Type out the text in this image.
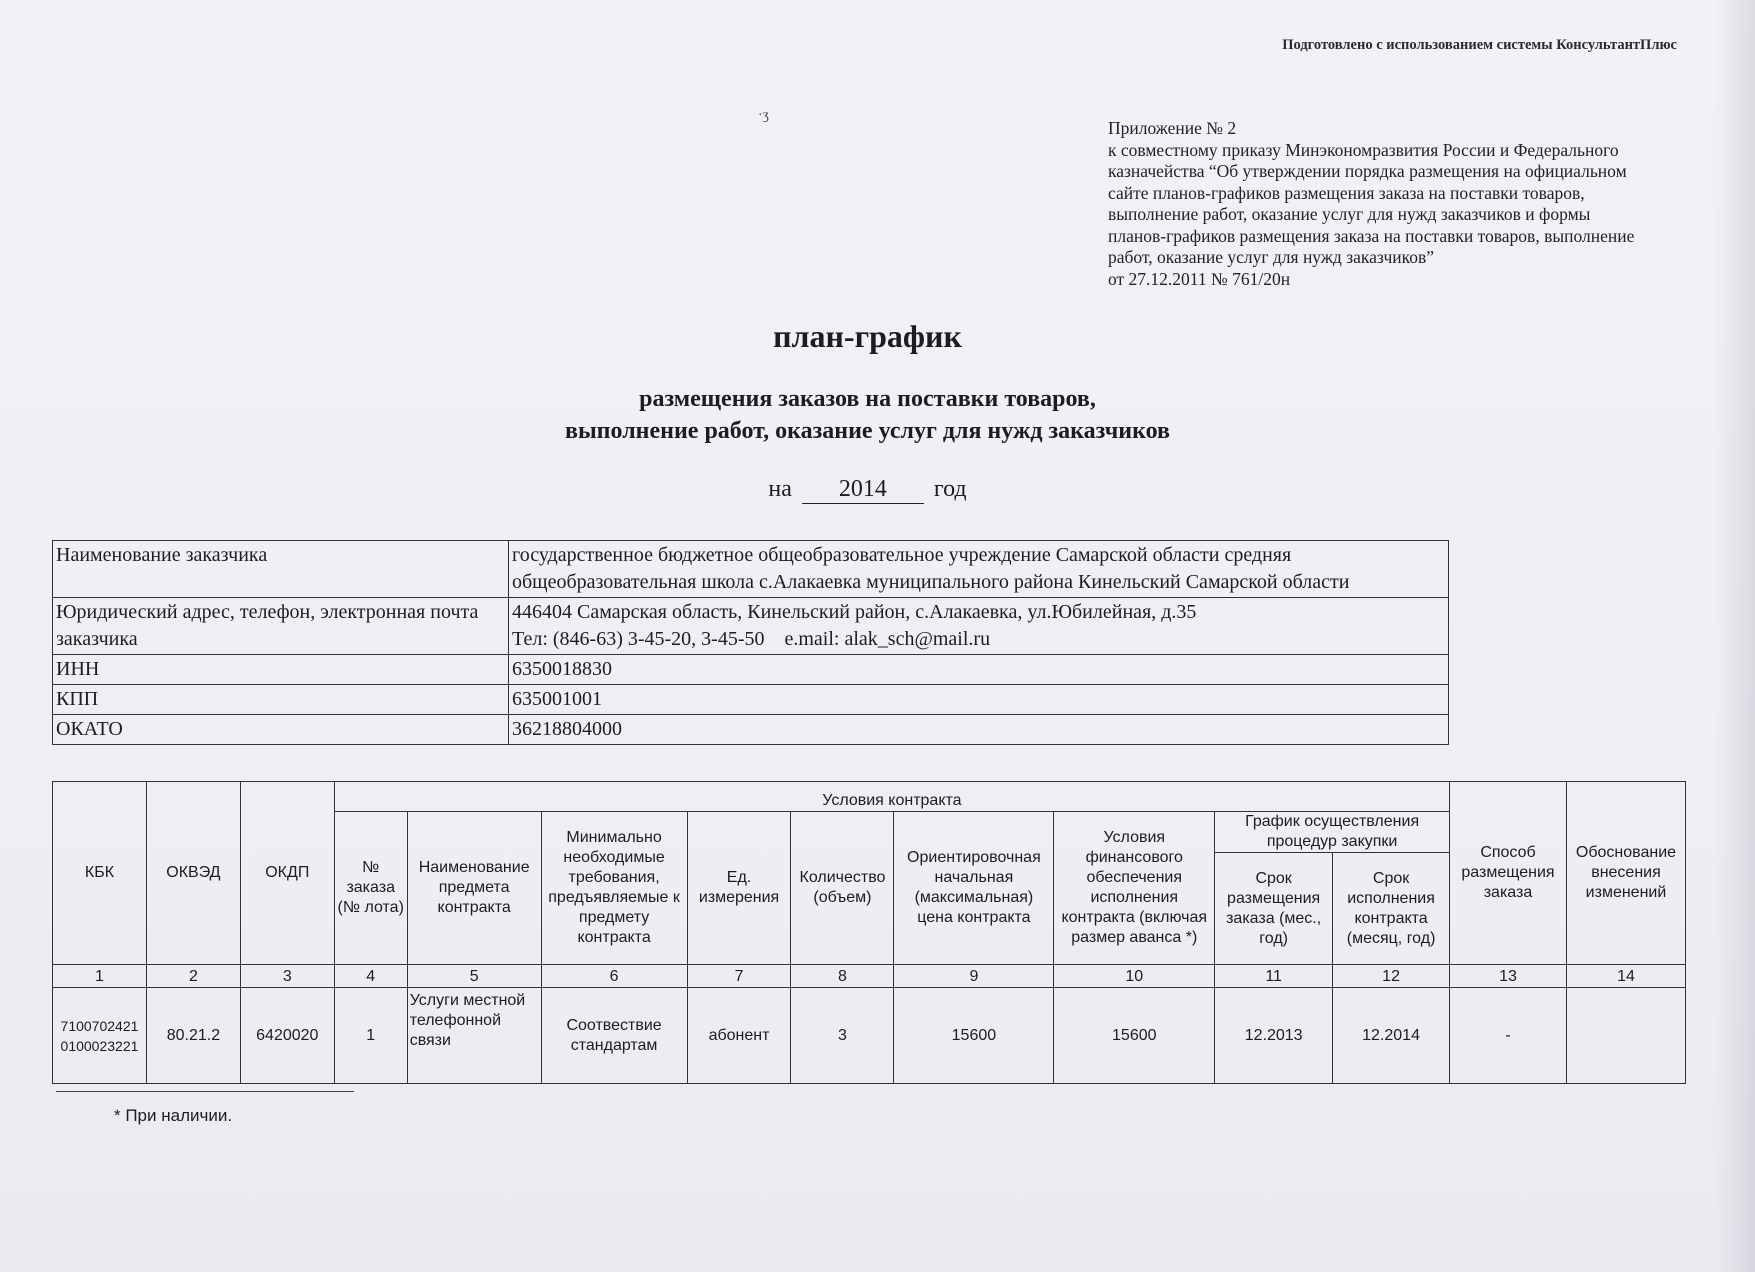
Подготовлено с использованием системы КонсультантПлюс
·ʒ
Приложение № 2
к совместному приказу Минэкономразвития России и Федерального
казначейства “Об утверждении порядка размещения на официальном
сайте планов-графиков размещения заказа на поставки товаров,
выполнение работ, оказание услуг для нужд заказчиков и формы
планов-графиков размещения заказа на поставки товаров, выполнение
работ, оказание услуг для нужд заказчиков”
от 27.12.2011 № 761/20н
план-график
размещения заказов на поставки товаров,
выполнение работ, оказание услуг для нужд заказчиков
на 2014 год
Наименование заказчика	государственное бюджетное общеобразовательное учреждение Самарской области средняя общеобразовательная школа с.Алакаевка муниципального района Кинельский Самарской области
Юридический адрес, телефон, электронная почта заказчика	446404 Самарская область, Кинельский район, с.Алакаевка, ул.Юбилейная, д.35
Тел: (846-63) 3-45-20, 3-45-50    e.mail: alak_sch@mail.ru

ИНН	6350018830
КПП	635001001
ОКАТО	36218804000
КБК	ОКВЭД	ОКДП	Условия контракта									Способ размещения заказа	Обоснование внесения изменений
			№ заказа (№ лота)	Наименование предмета контракта	Минимально необходимые требования, предъявляемые к предмету контракта	Ед. измерения	Количество (объем)	Ориентировочная начальная (максимальная) цена контракта	Условия финансового обеспечения исполнения контракта (включая размер аванса *)	График осуществления процедур закупки			
										Срок размещения заказа (мес., год)	Срок исполнения контракта (месяц, год)		
1	2	3	4	5	6	7	8	9	10	11	12	13	14

7100702421
0100023221	80.21.2	6420020	1	Услуги местной телефонной связи	Соотвествие стандартам	абонент	3	15600	15600	12.2013	12.2014	-	
* При наличии.
